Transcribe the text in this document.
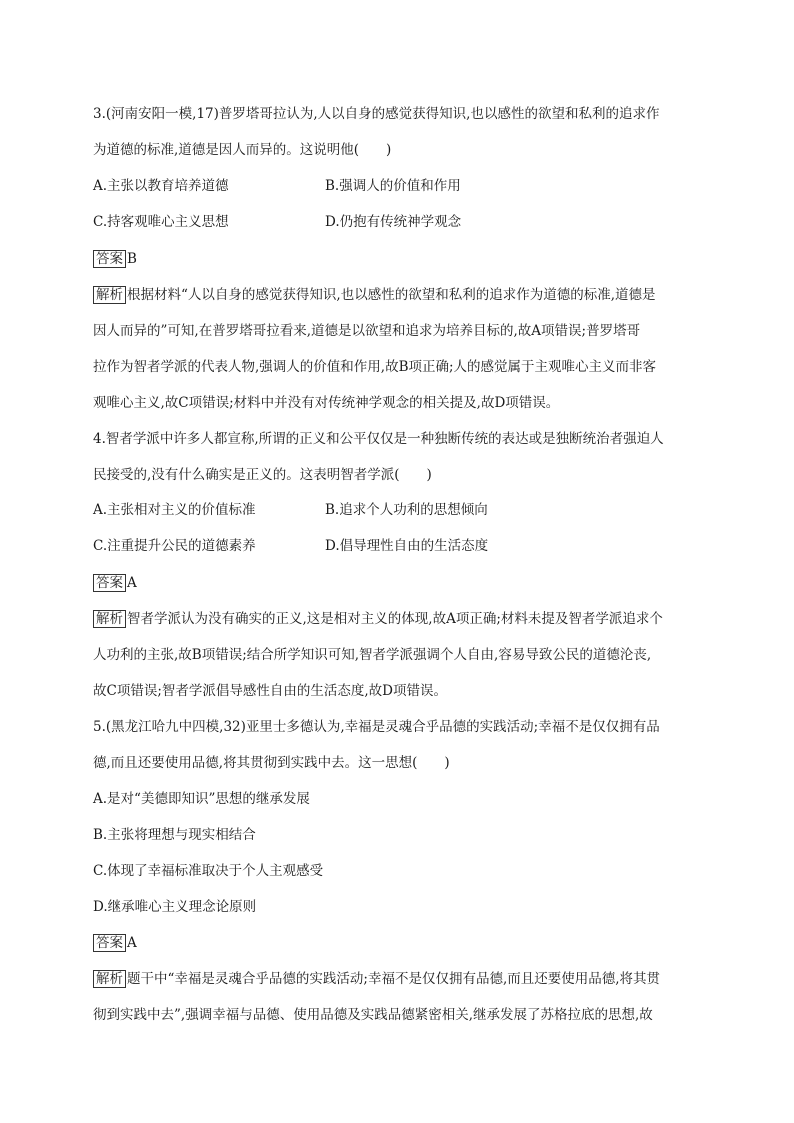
3.(河南安阳一模,17)普罗塔哥拉认为,人以自身的感觉获得知识,也以感性的欲望和私利的追求作
为道德的标准,道德是因人而异的。这说明他(　　)
A.主张以教育培养道德	B.强调人的价值和作用
C.持客观唯心主义思想	D.仍抱有传统神学观念
答案 B
解析 根据材料“人以自身的感觉获得知识,也以感性的欲望和私利的追求作为道德的标准,道德是
因人而异的”可知,在普罗塔哥拉看来,道德是以欲望和追求为培养目标的,故A项错误;普罗塔哥
拉作为智者学派的代表人物,强调人的价值和作用,故B项正确;人的感觉属于主观唯心主义而非客
观唯心主义,故C项错误;材料中并没有对传统神学观念的相关提及,故D项错误。
4.智者学派中许多人都宣称,所谓的正义和公平仅仅是一种独断传统的表达或是独断统治者强迫人
民接受的,没有什么确实是正义的。这表明智者学派(　　)
A.主张相对主义的价值标准	B.追求个人功利的思想倾向
C.注重提升公民的道德素养	D.倡导理性自由的生活态度
答案 A
解析 智者学派认为没有确实的正义,这是相对主义的体现,故A项正确;材料未提及智者学派追求个
人功利的主张,故B项错误;结合所学知识可知,智者学派强调个人自由,容易导致公民的道德沦丧,
故C项错误;智者学派倡导感性自由的生活态度,故D项错误。
5.(黑龙江哈九中四模,32)亚里士多德认为,幸福是灵魂合乎品德的实践活动;幸福不是仅仅拥有品
德,而且还要使用品德,将其贯彻到实践中去。这一思想(　　)
A.是对“美德即知识”思想的继承发展
B.主张将理想与现实相结合
C.体现了幸福标准取决于个人主观感受
D.继承唯心主义理念论原则
答案 A
解析 题干中“幸福是灵魂合乎品德的实践活动;幸福不是仅仅拥有品德,而且还要使用品德,将其贯
彻到实践中去”,强调幸福与品德、使用品德及实践品德紧密相关,继承发展了苏格拉底的思想,故
